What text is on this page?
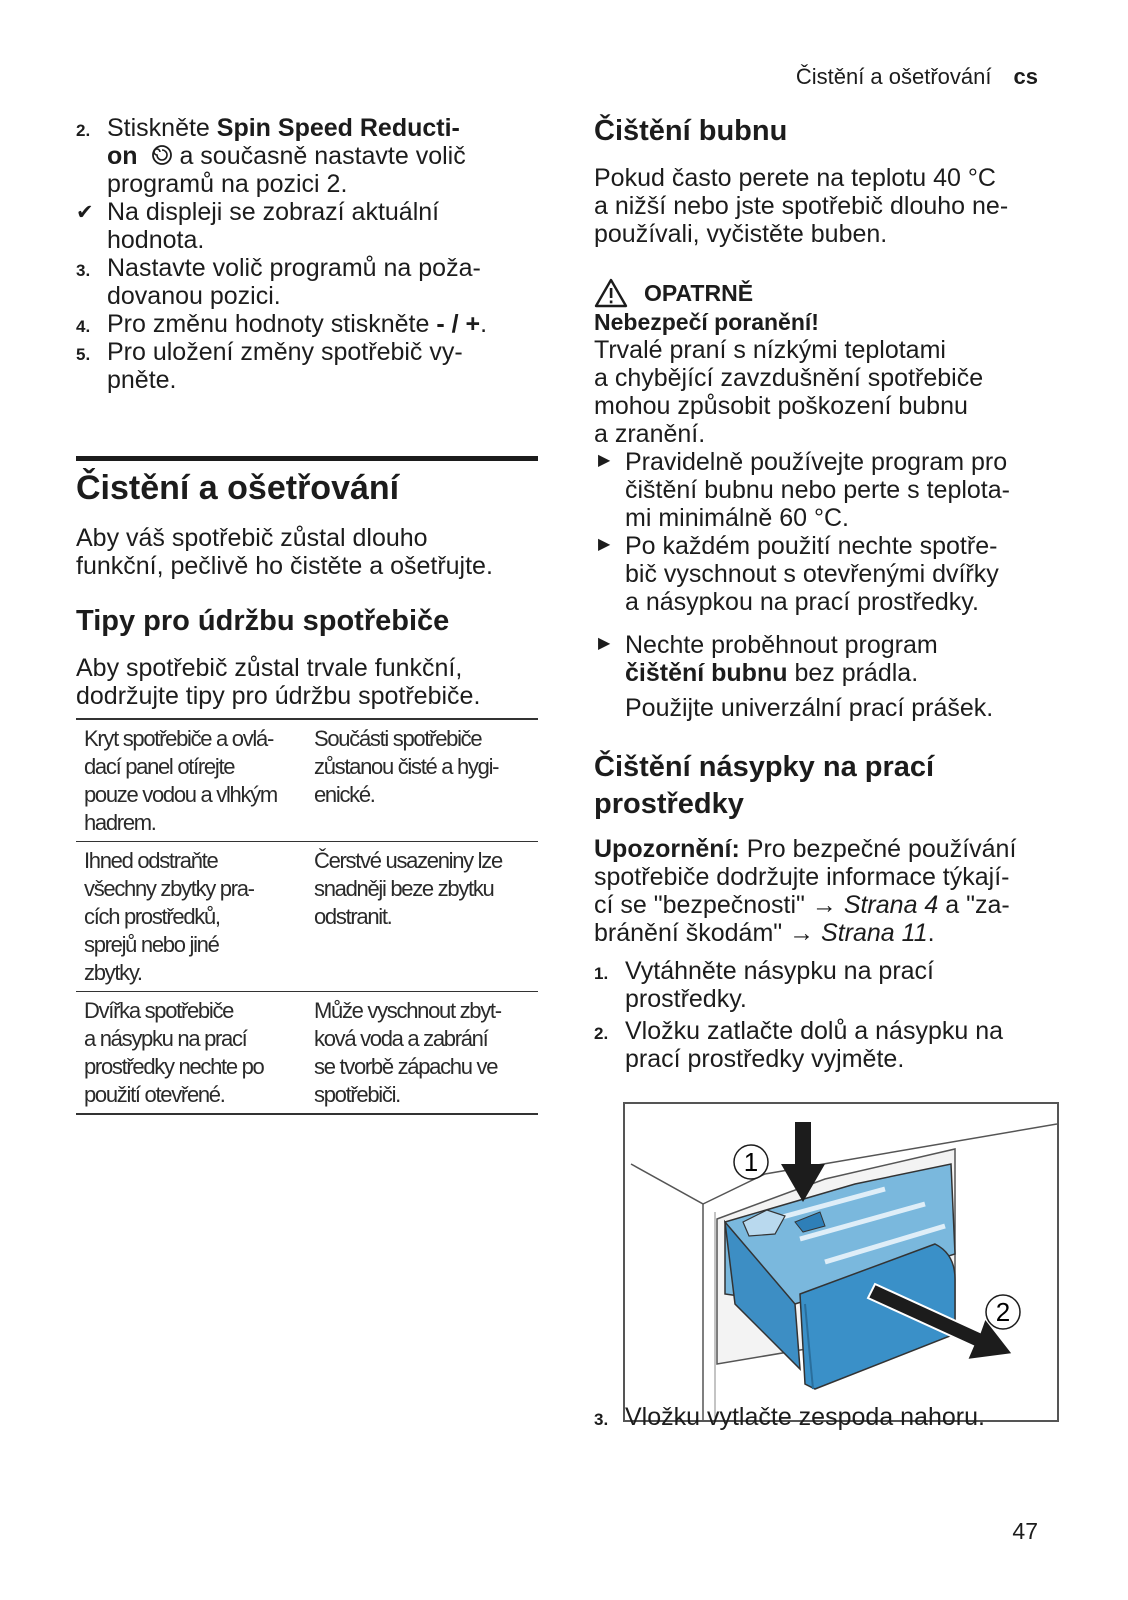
Čistění a ošetřování cs
2. Stiskněte Spin Speed Reducti-
on  a současně nastavte volič
programů na pozici 2.
✔ Na displeji se zobrazí aktuální
hodnota.
3. Nastavte volič programů na poža-
dovanou pozici.
4. Pro změnu hodnoty stiskněte - / +.
5. Pro uložení změny spotřebič vy-
pněte.
Čistění a ošetřování

Aby váš spotřebič zůstal dlouho
funkční, pečlivě ho čistěte a ošetřujte.

Tipy pro údržbu spotřebiče

Aby spotřebič zůstal trvale funkční,
dodržujte tipy pro údržbu spotřebiče.

Kryt spotřebiče a ovlá-
dací panel otírejte
pouze vodou a vlhkým
hadrem.	Součásti spotřebiče
zůstanou čisté a hygi-
enické.
Ihned odstraňte
všechny zbytky pra-
cích prostředků,
sprejů nebo jiné
zbytky.	Čerstvé usazeniny lze
snadněji beze zbytku
odstranit.
Dvířka spotřebiče
a násypku na prací
prostředky nechte po
použití otevřené.	Může vyschnout zbyt-
ková voda a zabrání
se tvorbě zápachu ve
spotřebiči.
Čištění bubnu

Pokud často perete na teplotu 40 °C
a nižší nebo jste spotřebič dlouho ne-
používali, vyčistěte buben.

OPATRNĚ
Nebezpečí poranění!

Trvalé praní s nízkými teplotami
a chybějící zavzdušnění spotřebiče
mohou způsobit poškození bubnu
a zranění.

▶ Pravidelně používejte program pro
čištění bubnu nebo perte s teplota-
mi minimálně 60 °C.
▶ Po každém použití nechte spotře-
bič vyschnout s otevřenými dvířky
a násypkou na prací prostředky.
▶ Nechte proběhnout program
čištění bubnu bez prádla.

Použijte univerzální prací prášek.

Čištění násypky na prací
prostředky

Upozornění: Pro bezpečné používání
spotřebiče dodržujte informace týkají-
cí se "bezpečnosti" → Strana 4 a "za-
bránění škodám" → Strana 11.

1. Vytáhněte násypku na prací
prostředky.
2. Vložku zatlačte dolů a násypku na
prací prostředky vyjměte.
1
2
3. Vložku vytlačte zespoda nahoru.
47
